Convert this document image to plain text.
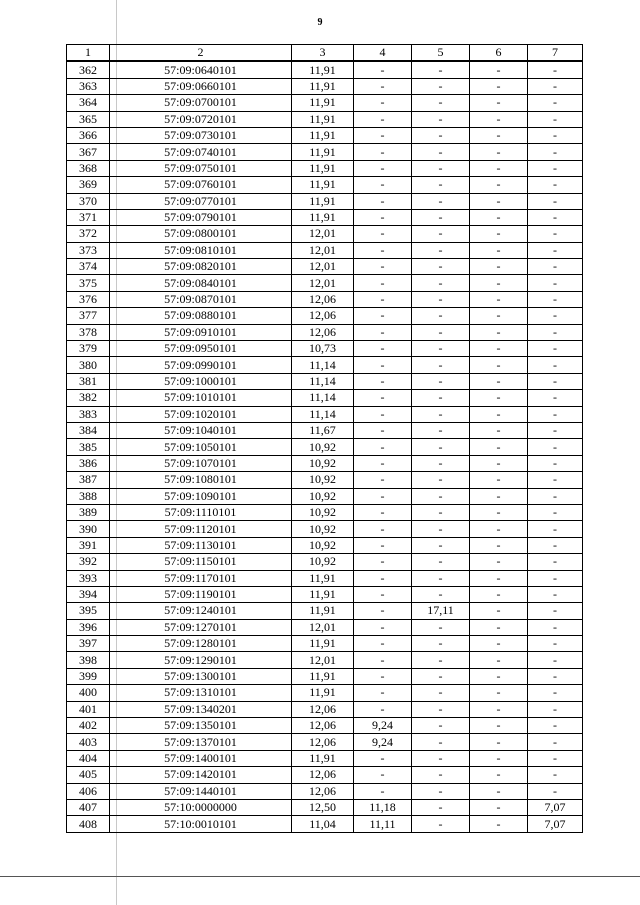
9
1	2	3	4	5	6	7
362	57:09:0640101	11,91	-	-	-	-
363	57:09:0660101	11,91	-	-	-	-
364	57:09:0700101	11,91	-	-	-	-
365	57:09:0720101	11,91	-	-	-	-
366	57:09:0730101	11,91	-	-	-	-
367	57:09:0740101	11,91	-	-	-	-
368	57:09:0750101	11,91	-	-	-	-
369	57:09:0760101	11,91	-	-	-	-
370	57:09:0770101	11,91	-	-	-	-
371	57:09:0790101	11,91	-	-	-	-
372	57:09:0800101	12,01	-	-	-	-
373	57:09:0810101	12,01	-	-	-	-
374	57:09:0820101	12,01	-	-	-	-
375	57:09:0840101	12,01	-	-	-	-
376	57:09:0870101	12,06	-	-	-	-
377	57:09:0880101	12,06	-	-	-	-
378	57:09:0910101	12,06	-	-	-	-
379	57:09:0950101	10,73	-	-	-	-
380	57:09:0990101	11,14	-	-	-	-
381	57:09:1000101	11,14	-	-	-	-
382	57:09:1010101	11,14	-	-	-	-
383	57:09:1020101	11,14	-	-	-	-
384	57:09:1040101	11,67	-	-	-	-
385	57:09:1050101	10,92	-	-	-	-
386	57:09:1070101	10,92	-	-	-	-
387	57:09:1080101	10,92	-	-	-	-
388	57:09:1090101	10,92	-	-	-	-
389	57:09:1110101	10,92	-	-	-	-
390	57:09:1120101	10,92	-	-	-	-
391	57:09:1130101	10,92	-	-	-	-
392	57:09:1150101	10,92	-	-	-	-
393	57:09:1170101	11,91	-	-	-	-
394	57:09:1190101	11,91	-	-	-	-
395	57:09:1240101	11,91	-	17,11	-	-
396	57:09:1270101	12,01	-	-	-	-
397	57:09:1280101	11,91	-	-	-	-
398	57:09:1290101	12,01	-	-	-	-
399	57:09:1300101	11,91	-	-	-	-
400	57:09:1310101	11,91	-	-	-	-
401	57:09:1340201	12,06	-	-	-	-
402	57:09:1350101	12,06	9,24	-	-	-
403	57:09:1370101	12,06	9,24	-	-	-
404	57:09:1400101	11,91	-	-	-	-
405	57:09:1420101	12,06	-	-	-	-
406	57:09:1440101	12,06	-	-	-	-
407	57:10:0000000	12,50	11,18	-	-	7,07
408	57:10:0010101	11,04	11,11	-	-	7,07
